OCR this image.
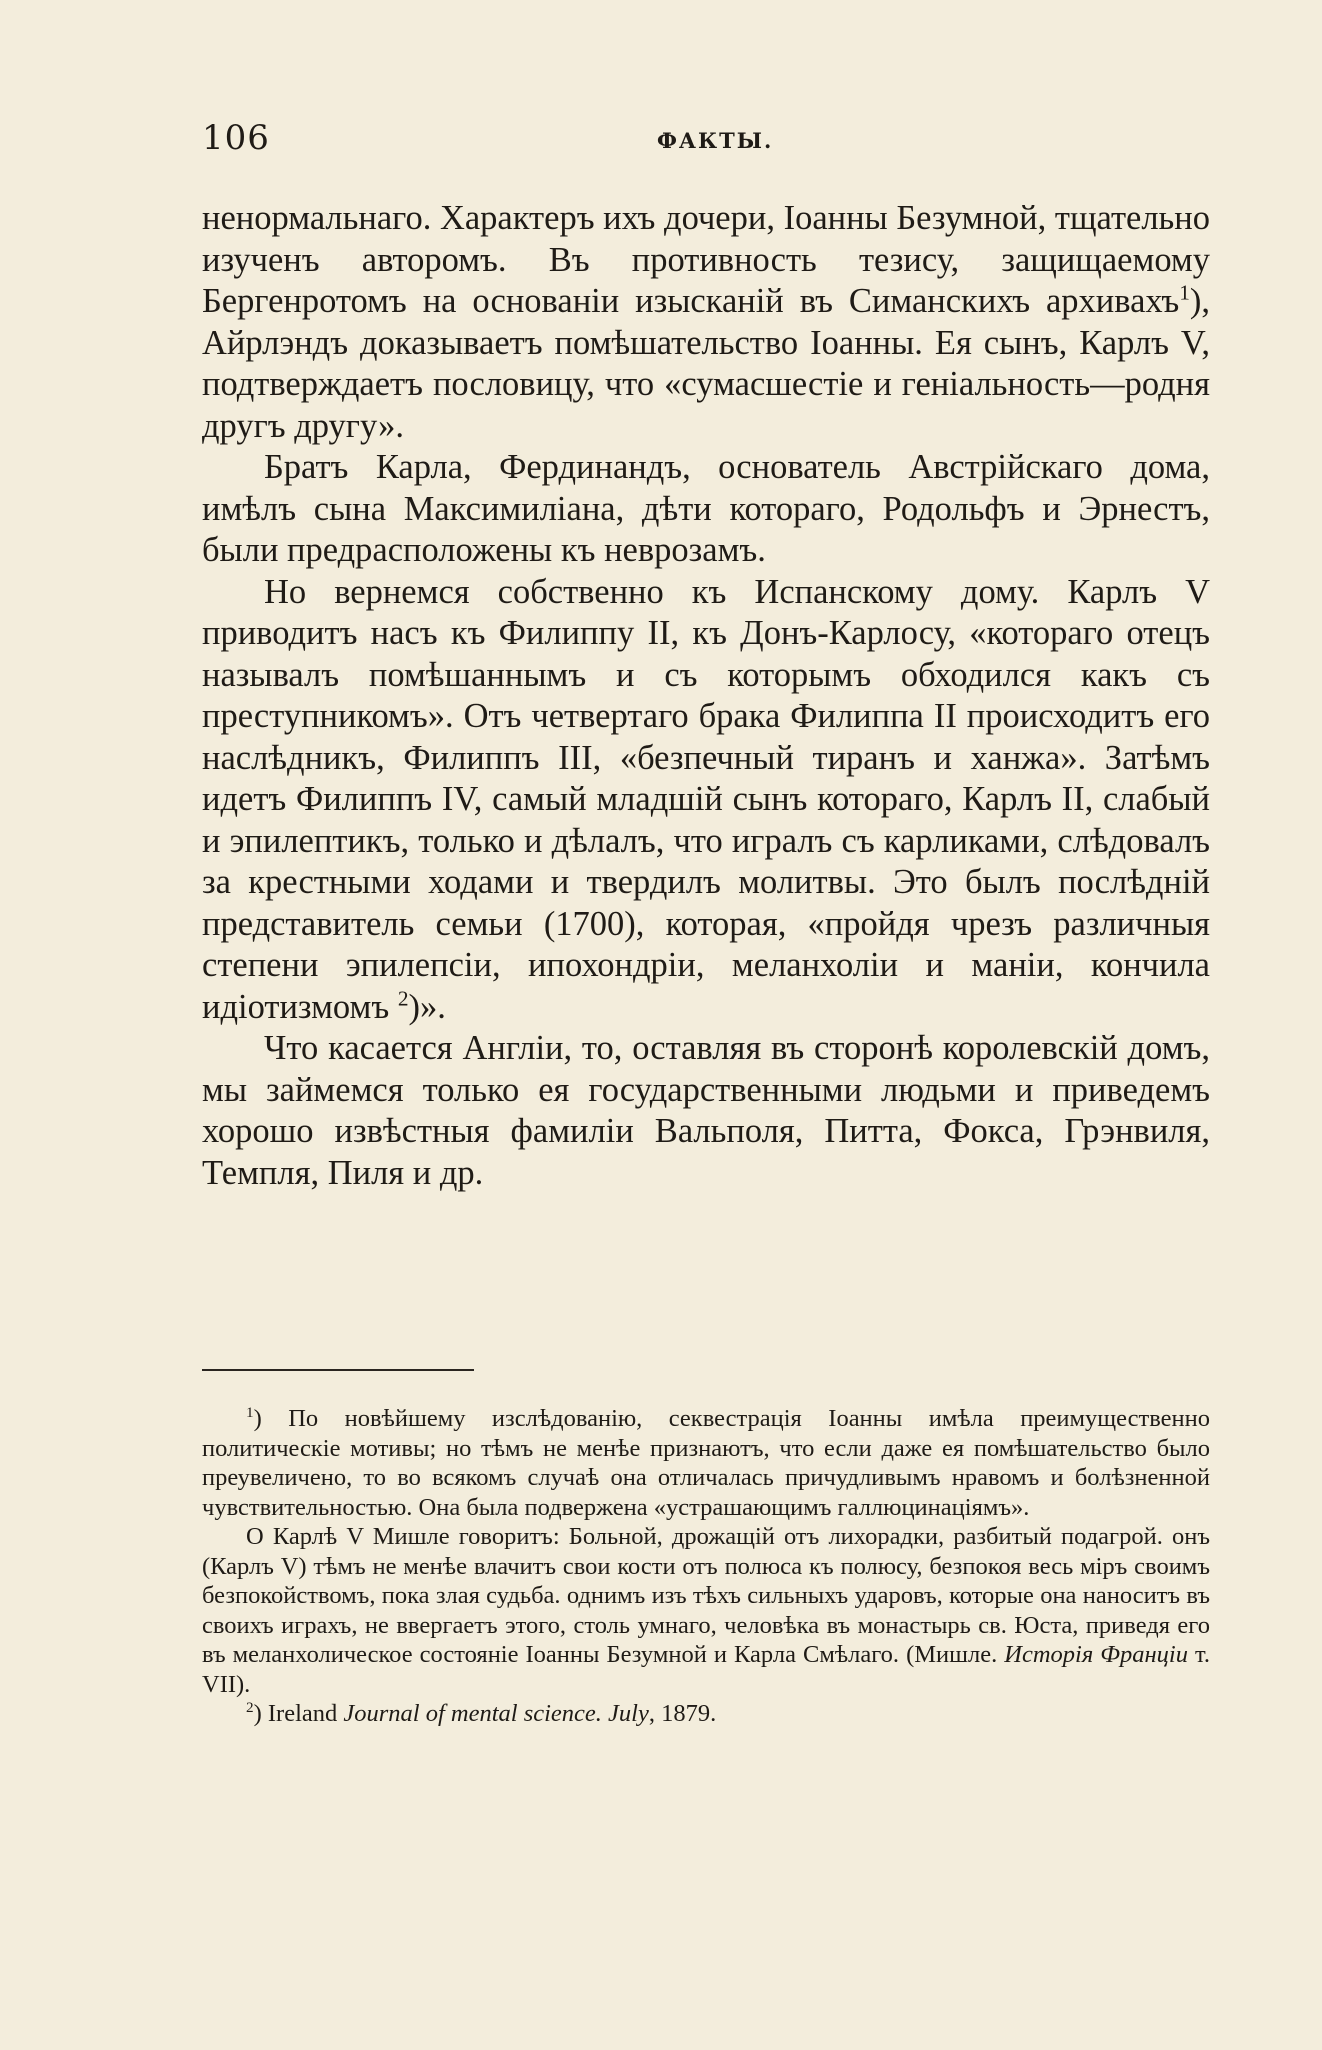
106	ФАКТЫ.

ненормальнаго. Характеръ ихъ дочери, Іоанны Безумной, тщательно изученъ авторомъ. Въ противность тезису, защищаемому Бергенротомъ на основаніи изысканій въ Симанскихъ архивахъ$^1$), Айрлэндъ доказываетъ помѣшательство Іоанны. Ея сынъ, Карлъ V, подтверждаетъ пословицу, что «сумасшестіе и геніальность—родня другъ другу».

Братъ Карла, Фердинандъ, основатель Австрійскаго дома, имѣлъ сына Максимиліана, дѣти котораго, Родольфъ и Эрнестъ, были предрасположены къ неврозамъ.

Но вернемся собственно къ Испанскому дому. Карлъ V приводитъ насъ къ Филиппу II, къ Донъ-Карлосу, «котораго отецъ называлъ помѣшаннымъ и съ которымъ обходился какъ съ преступникомъ». Отъ четвертаго брака Филиппа II происходитъ его наслѣдникъ, Филиппъ III, «безпечный тиранъ и ханжа». Затѣмъ идетъ Филиппъ IV, самый младшій сынъ котораго, Карлъ II, слабый и эпилептикъ, только и дѣлалъ, что игралъ съ карликами, слѣдовалъ за крестными ходами и твердилъ молитвы. Это былъ послѣдній представитель семьи (1700), которая, «пройдя чрезъ различныя степени эпилепсіи, ипохондріи, меланхоліи и маніи, кончила идіотизмомъ $^2$)».

Что касается Англіи, то, оставляя въ сторонѣ королевскій домъ, мы займемся только ея государственными людьми и приведемъ хорошо извѣстныя фамиліи Вальполя, Питта, Фокса, Грэнвиля, Темпля, Пиля и др.

$^1$) По новѣйшему изслѣдованію, секвестрація Іоанны имѣла преимущественно политическіе мотивы; но тѣмъ не менѣе признаютъ, что если даже ея помѣшательство было преувеличено, то во всякомъ случаѣ она отличалась причудливымъ нравомъ и болѣзненной чувствительностью. Она была подвержена «устрашающимъ галлюцинаціямъ».

О Карлѣ V Мишле говоритъ: Больной, дрожащій отъ лихорадки, разбитый подагрой. онъ (Карлъ V) тѣмъ не менѣе влачитъ свои кости отъ полюса къ полюсу, безпокоя весь міръ своимъ безпокойствомъ, пока злая судьба. однимъ изъ тѣхъ сильныхъ ударовъ, которые она наноситъ въ своихъ играхъ, не ввергаетъ этого, столь умнаго, человѣка въ монастырь св. Юста, приведя его въ меланхолическое состояніе Іоанны Безумной и Карла Смѣлаго. (Мишле. Исторія Франціи т. VII).

$^2$) Ireland Journal of mental science. July, 1879.
